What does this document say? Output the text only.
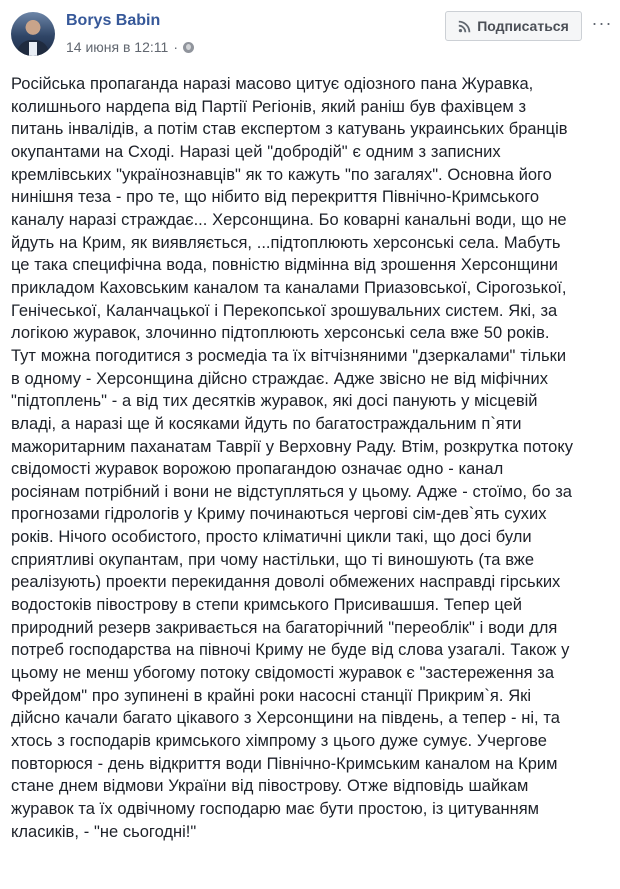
Borys Babin
14 июня в 12:11 ·
Подписаться ···

Російська пропаганда наразі масово цитує одіозного пана Журавка,
колишнього нардепа від Партії Регіонів, який раніш був фахівцем з
питань інвалідів, а потім став експертом з катувань украинських бранців
окупантами на Сході. Наразі цей "добродій" є одним з записних
кремлівських "українознавців" як то кажуть "по загалях". Основна його
нинішня теза - про те, що нібито від перекриття Північно-Кримського
каналу наразі страждає... Херсонщина. Бо коварні канальні води, що не
йдуть на Крим, як виявляється, ...підтоплюють херсонські села. Мабуть
це така специфічна вода, повністю відмінна від зрошення Херсонщини
прикладом Каховським каналом та каналами Приазовської, Сірогозької,
Генічеської, Каланчацької і Перекопської зрошувальних систем. Які, за
логікою журавок, злочинно підтоплюють херсонські села вже 50 років.
Тут можна погодитися з росмедіа та їх вітчізняними "дзеркалами" тільки
в одному - Херсонщина дійсно страждає. Адже звісно не від міфічних
"підтоплень" - а від тих десятків журавок, які досі панують у місцевій
владі, а наразі ще й косяками йдуть по багатостраждальним п`яти
мажоритарним паханатам Таврії у Верховну Раду. Втім, розкрутка потоку
свідомості журавок ворожою пропагандою означає одно - канал
росіянам потрібний і вони не відступляться у цьому. Адже - стоїмо, бо за
прогнозами гідрологів у Криму починаються чергові сім-дев`ять сухих
років. Нічого особистого, просто кліматичні цикли такі, що досі були
сприятливі окупантам, при чому настільки, що ті виношують (та вже
реалізують) проекти перекидання доволі обмежених насправді гірських
водостоків півострову в степи кримського Присивашшя. Тепер цей
природний резерв закривається на багаторічний "переоблік" і води для
потреб господарства на півночі Криму не буде від слова узагалі. Також у
цьому не менш убогому потоку свідомості журавок є "застереження за
Фрейдом" про зупинені в крайні роки насосні станції Прикрим`я. Які
дійсно качали багато цікавого з Херсонщини на південь, а тепер - ні, та
хтось з господарів кримського хімпрому з цього дуже сумує. Учергове
повторюся - день відкриття води Північно-Кримським каналом на Крим
стане днем відмови України від півострову. Отже відповідь шайкам
журавок та їх одвічному господарю має бути простою, із цитуванням
класиків, - "не сьогодні!"
